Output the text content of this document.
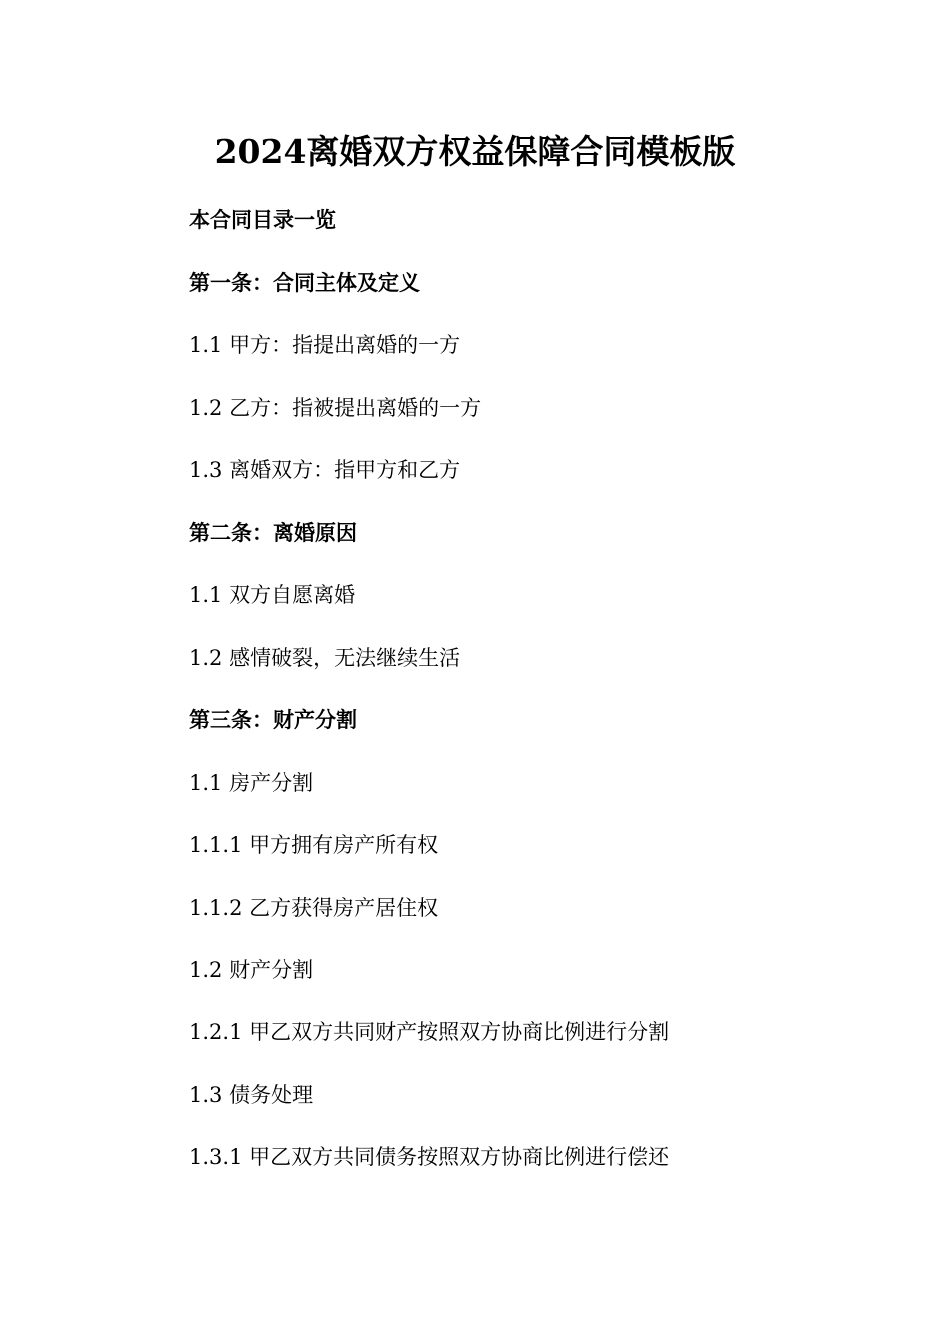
2024离婚双方权益保障合同模板版

本合同目录一览

第一条：合同主体及定义

1.1 甲方：指提出离婚的一方

1.2 乙方：指被提出离婚的一方

1.3 离婚双方：指甲方和乙方

第二条：离婚原因

1.1 双方自愿离婚

1.2 感情破裂，无法继续生活

第三条：财产分割

1.1 房产分割

1.1.1 甲方拥有房产所有权

1.1.2 乙方获得房产居住权

1.2 财产分割

1.2.1 甲乙双方共同财产按照双方协商比例进行分割

1.3 债务处理

1.3.1 甲乙双方共同债务按照双方协商比例进行偿还
